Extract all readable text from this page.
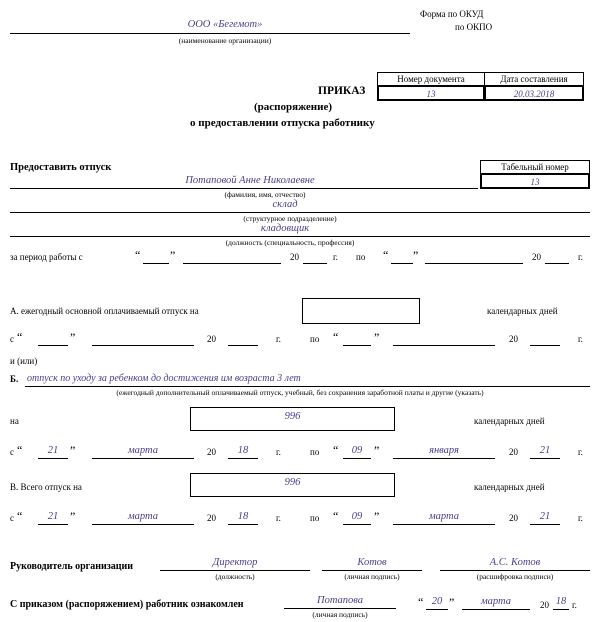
Форма по ОКУД
по ОКПО
ООО «Бегемот»
(наименование организации)
Номер документа	Дата составления
13	20.03.2018
ПРИКАЗ
(распоряжение)
о предоставлении отпуска работнику
Предоставить отпуск	Табельный номер
13
Потаповой Анне Николаевне
(фамилия, имя, отчество)
склад
(структурное подразделение)
кладовщик
(должность (специальность, профессия)
за период работы с	“ ”	20	г. по “ ”	20	г.
А. ежегодный основной оплачиваемый отпуск на	календарных дней
с “	”	20	г.	по “	”	20	г.
и (или)
Б. отпуск по уходу за ребенком до достижения им возраста 3 лет
(ежегодный дополнительный оплачиваемый отпуск, учебный, без сохранения заработной платы и другие (указать)
на	996	календарных дней
с “	21 ”	марта	20	18	г.	по “	09 ”	января	20	21	г.
В. Всего отпуск на	996	календарных дней
с “	21 ”	марта	20	18	г.	по “	09 ”	марта	20	21	г.
Руководитель организации	Директор
(должность)
Котов
(личная подпись)
А.С. Котов
(расшифровка подписи)
С приказом (распоряжением) работник ознакомлен	Потапова
(личная подпись)
“ 20 ”	марта	20 18 г.
